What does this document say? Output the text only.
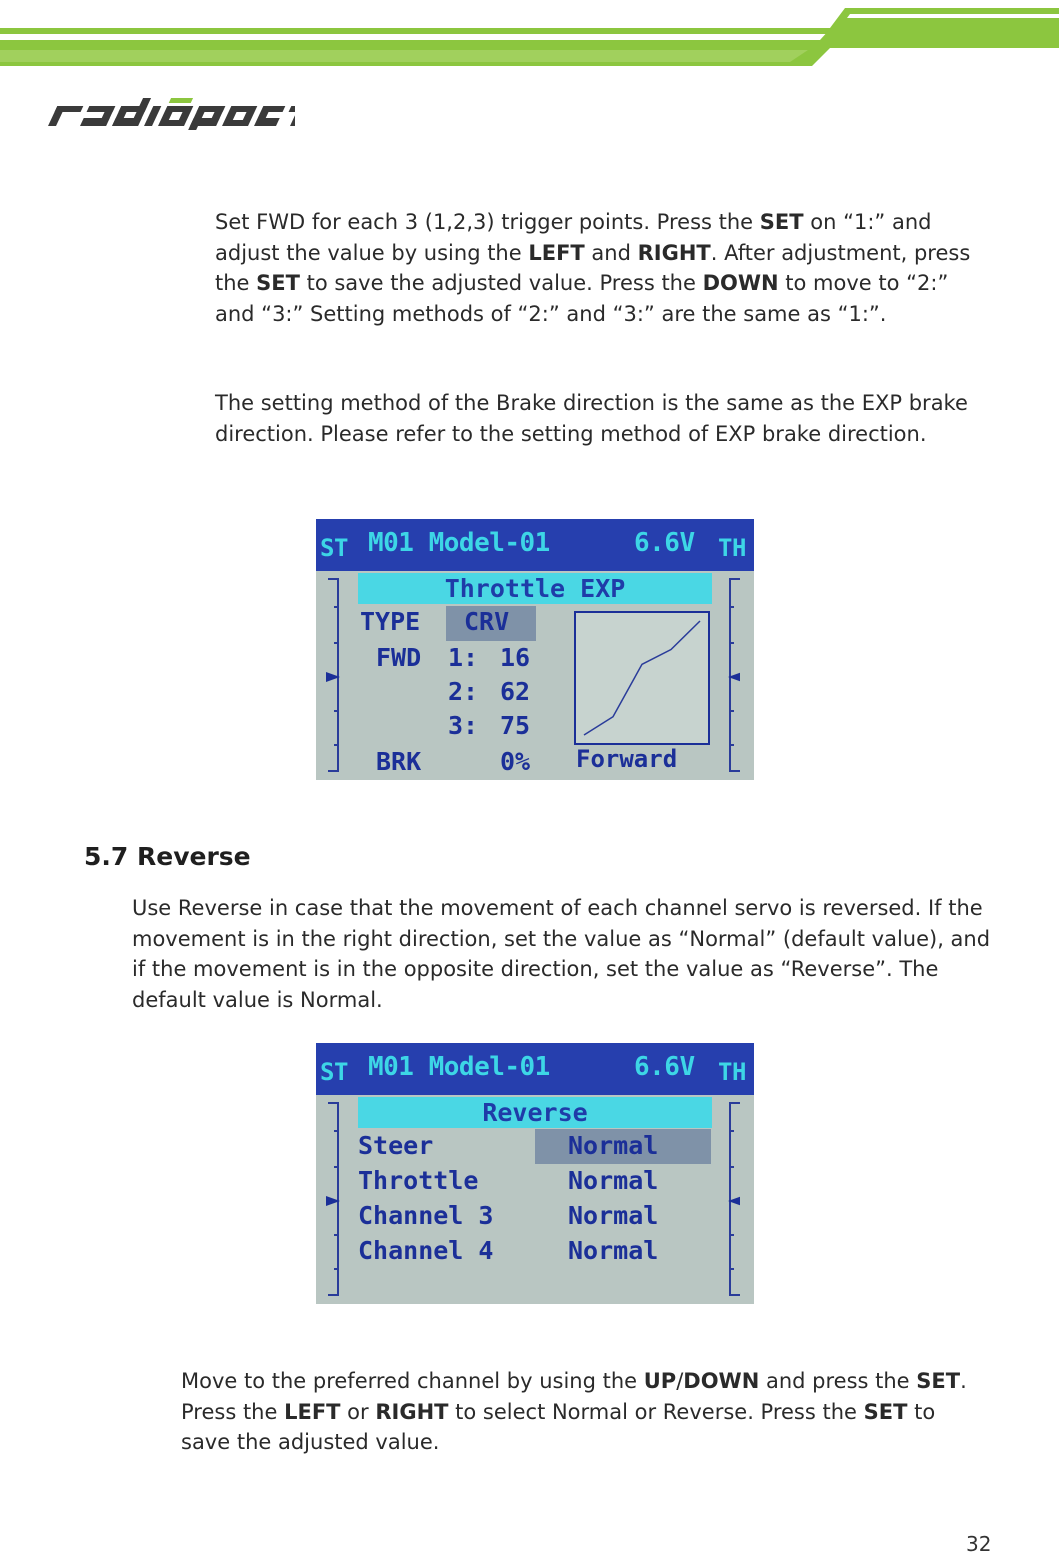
Set FWD for each 3 (1,2,3) trigger points. Press the SET on “1:” and adjust the value by using the LEFT and RIGHT. After adjustment, press the SET to save the adjusted value. Press the DOWN to move to “2:” and “3:” Setting methods of “2:” and “3:” are the same as “1:”.
The setting method of the Brake direction is the same as the EXP brake direction. Please refer to the setting method of EXP brake direction.
ST M01 Model-01	6.6V TH
Throttle EXP
TYPE CRV
FWD 1: 16
2: 62
3: 75
BRK	0% Forward
5.7 Reverse
Use Reverse in case that the movement of each channel servo is reversed. If the movement is in the right direction, set the value as “Normal” (default value), and if the movement is in the opposite direction, set the value as “Reverse”. The default value is Normal.
ST M01 Model-01	6.6V TH
Reverse
Steer	Normal
Throttle	Normal
Channel 3	Normal
Channel 4	Normal
Move to the preferred channel by using the UP/DOWN and press the SET. Press the LEFT or RIGHT to select Normal or Reverse. Press the SET to save the adjusted value.
32
